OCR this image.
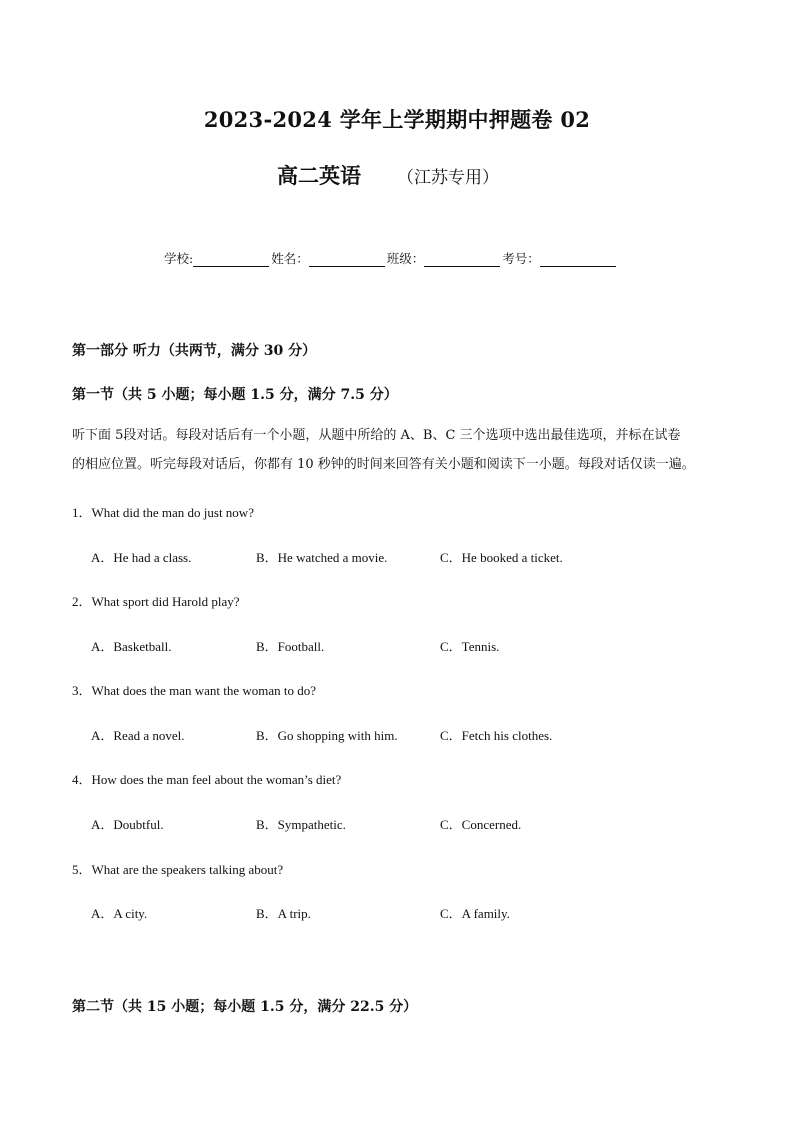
2023-2024 学年上学期期中押题卷 02
高二英语 （江苏专用）
学校:	姓名：	班级：	考号：
第一部分 听力（共两节，满分 30 分）
第一节（共 5 小题；每小题 1.5 分，满分 7.5 分）
听下面 5段对话。每段对话后有一个小题，从题中所给的 A、B、C 三个选项中选出最佳选项，并标在试卷
的相应位置。听完每段对话后，你都有 10 秒钟的时间来回答有关小题和阅读下一小题。每段对话仅读一遍。
1．What did the man do just now?
A．He had a class.	B．He watched a movie.	C．He booked a ticket.
2．What sport did Harold play?
A．Basketball.	B．Football.	C．Tennis.
3．What does the man want the woman to do?
A．Read a novel.	B．Go shopping with him.	C．Fetch his clothes.
4．How does the man feel about the woman’s diet?
A．Doubtful.	B．Sympathetic.	C．Concerned.
5．What are the speakers talking about?
A．A city.	B．A trip.	C．A family.
第二节（共 15 小题；每小题 1.5 分，满分 22.5 分）
